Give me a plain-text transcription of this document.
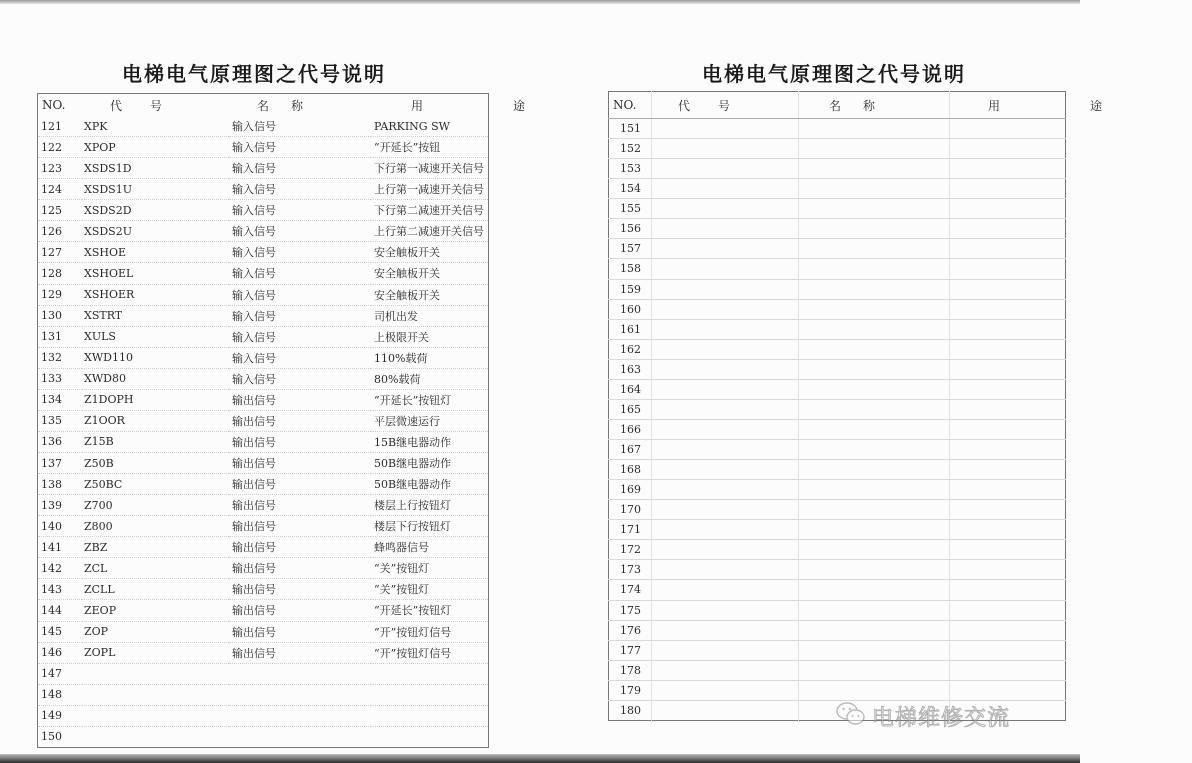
电梯电气原理图之代号说明	电梯电气原理图之代号说明
NO.	代号	名称	用途
121	XPK	输入信号	PARKING SW
122	XPOP	输入信号	“开延长”按钮
123	XSDS1D	输入信号	下行第一减速开关信号
124	XSDS1U	输入信号	上行第一减速开关信号
125	XSDS2D	输入信号	下行第二减速开关信号
126	XSDS2U	输入信号	上行第二减速开关信号
127	XSHOE	输入信号	安全触板开关
128	XSHOEL	输入信号	安全触板开关
129	XSHOER	输入信号	安全触板开关
130	XSTRT	输入信号	司机出发
131	XULS	输入信号	上极限开关
132	XWD110	输入信号	110%载荷
133	XWD80	输入信号	80%载荷
134	Z1DOPH	输出信号	“开延长”按钮灯
135	Z1OOR	输出信号	平层微速运行
136	Z15B	输出信号	15B继电器动作
137	Z50B	输出信号	50B继电器动作
138	Z50BC	输出信号	50B继电器动作
139	Z700	输出信号	楼层上行按钮灯
140	Z800	输出信号	楼层下行按钮灯
141	ZBZ	输出信号	蜂鸣器信号
142	ZCL	输出信号	“关”按钮灯
143	ZCLL	输出信号	“关”按钮灯
144	ZEOP	输出信号	“开延长”按钮灯
145	ZOP	输出信号	“开”按钮灯信号
146	ZOPL	输出信号	“开”按钮灯信号
147			
148			
149			
150			
NO.	代号	名称	用途
151			
152			
153			
154			
155			
156			
157			
158			
159			
160			
161			
162			
163			
164			
165			
166			
167			
168			
169			
170			
171			
172			
173			
174			
175			
176			
177			
178			
179			
180				电梯维修交流
